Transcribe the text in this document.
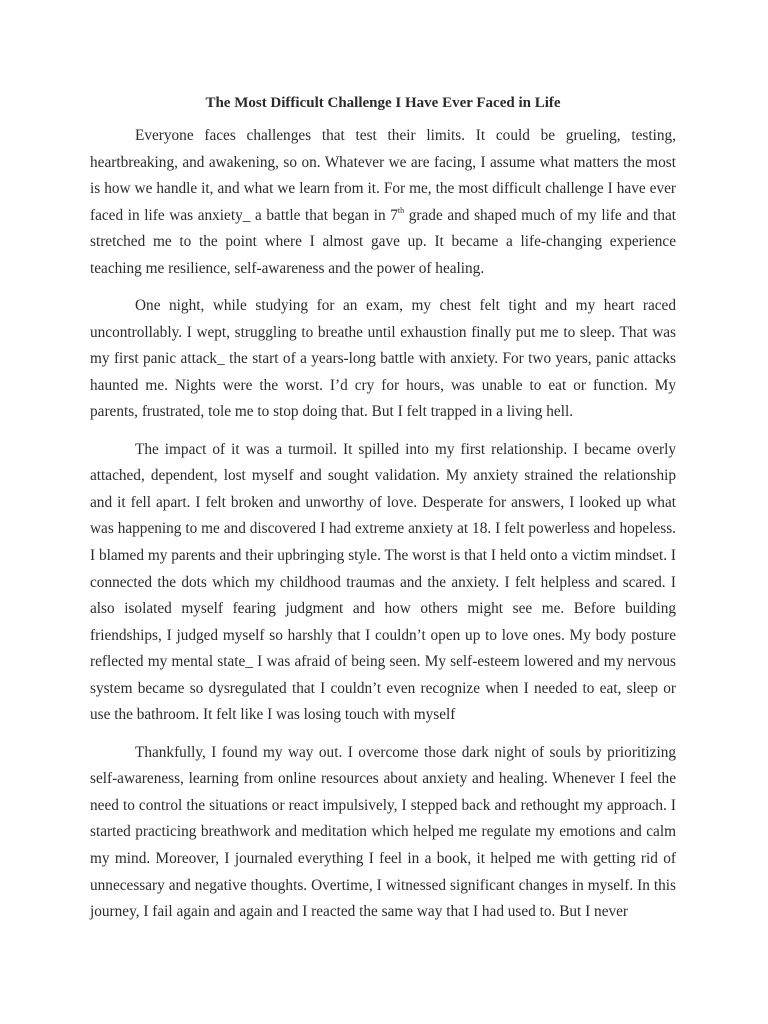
The Most Difficult Challenge I Have Ever Faced in Life

Everyone faces challenges that test their limits. It could be grueling, testing, heartbreaking, and awakening, so on. Whatever we are facing, I assume what matters the most is how we handle it, and what we learn from it. For me, the most difficult challenge I have ever faced in life was anxiety_ a battle that began in 7th grade and shaped much of my life and that stretched me to the point where I almost gave up. It became a life-changing experience teaching me resilience, self-awareness and the power of healing.

One night, while studying for an exam, my chest felt tight and my heart raced uncontrollably. I wept, struggling to breathe until exhaustion finally put me to sleep. That was my first panic attack_ the start of a years-long battle with anxiety. For two years, panic attacks haunted me. Nights were the worst. I’d cry for hours, was unable to eat or function. My parents, frustrated, tole me to stop doing that. But I felt trapped in a living hell.

The impact of it was a turmoil. It spilled into my first relationship. I became overly attached, dependent, lost myself and sought validation. My anxiety strained the relationship and it fell apart. I felt broken and unworthy of love. Desperate for answers, I looked up what was happening to me and discovered I had extreme anxiety at 18. I felt powerless and hopeless. I blamed my parents and their upbringing style. The worst is that I held onto a victim mindset. I connected the dots which my childhood traumas and the anxiety. I felt helpless and scared. I also isolated myself fearing judgment and how others might see me. Before building friendships, I judged myself so harshly that I couldn’t open up to love ones. My body posture reflected my mental state_ I was afraid of being seen. My self-esteem lowered and my nervous system became so dysregulated that I couldn’t even recognize when I needed to eat, sleep or use the bathroom. It felt like I was losing touch with myself

Thankfully, I found my way out. I overcome those dark night of souls by prioritizing self-awareness, learning from online resources about anxiety and healing. Whenever I feel the need to control the situations or react impulsively, I stepped back and rethought my approach. I started practicing breathwork and meditation which helped me regulate my emotions and calm my mind. Moreover, I journaled everything I feel in a book, it helped me with getting rid of unnecessary and negative thoughts. Overtime, I witnessed significant changes in myself. In this journey, I fail again and again and I reacted the same way that I had used to. But I never
